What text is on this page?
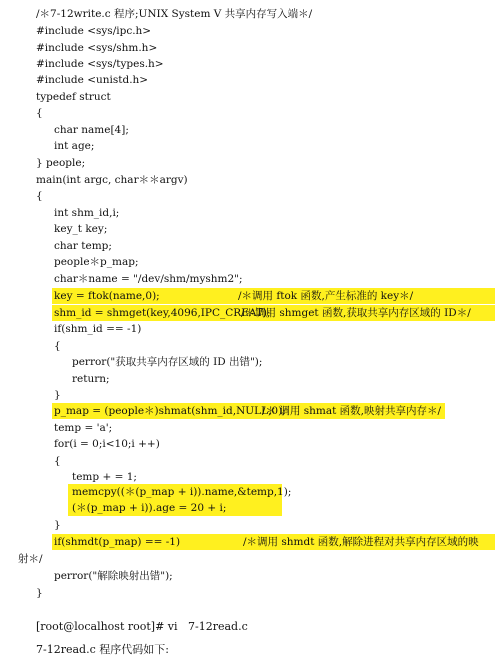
/＊7-12write.c 程序;UNIX System V 共享内存写入端＊/
#include <sys/ipc.h>
#include <sys/shm.h>
#include <sys/types.h>
#include <unistd.h>
typedef struct
{
char name[4];
int age;
} people;
main(int argc, char＊＊argv)
{
int shm_id,i;
key_t key;
char temp;
people＊p_map;
char＊name = "/dev/shm/myshm2";
key = ftok(name,0);	/＊调用 ftok 函数,产生标准的 key＊/
shm_id = shmget(key,4096,IPC_CREAT);
/＊调用 shmget 函数,获取共享内存区域的 ID＊/
if(shm_id == -1)
{
perror("获取共享内存区域的 ID 出错");
return;
}
p_map = (people＊)shmat(shm_id,NULL,0);
/＊ 调用 shmat 函数,映射共享内存＊/
temp = 'a';
for(i = 0;i<10;i ++)
{
temp + = 1;
memcpy((＊(p_map + i)).name,&temp,1);
(＊(p_map + i)).age = 20 + i;
}
if(shmdt(p_map) == -1)	/＊调用 shmdt 函数,解除进程对共享内存区域的映
射＊/
perror("解除映射出错");
}
[root@localhost root]# vi   7-12read.c
7-12read.c 程序代码如下:
